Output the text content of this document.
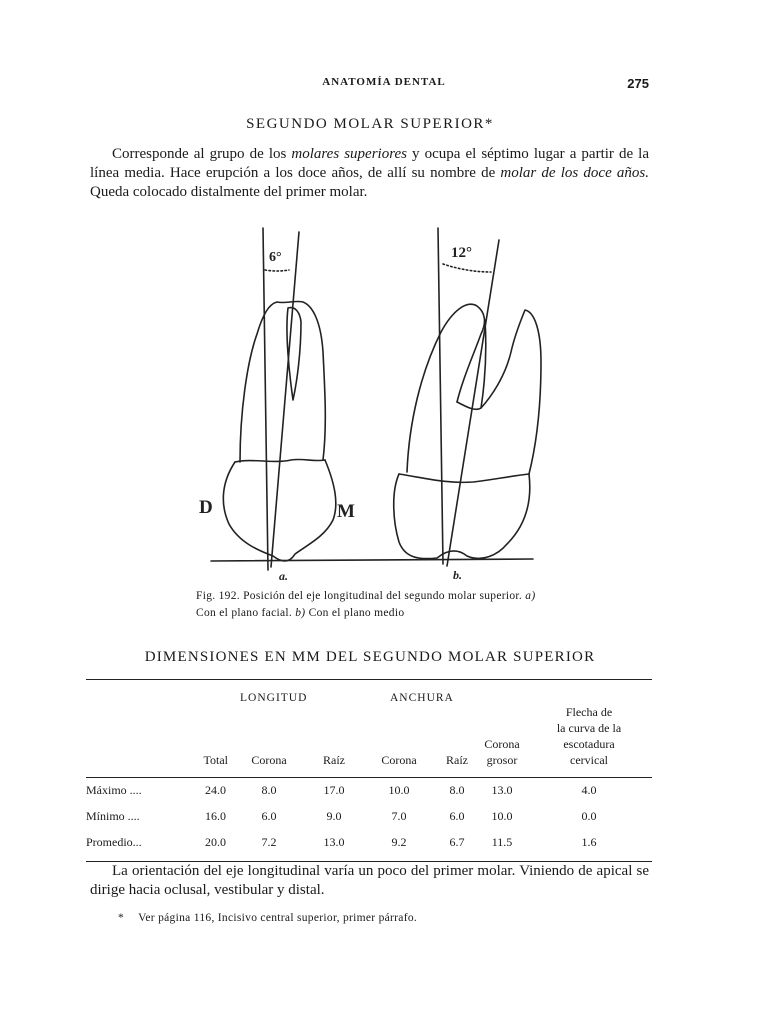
ANATOMÍA DENTAL	275
SEGUNDO MOLAR SUPERIOR*

Corresponde al grupo de los molares superiores y ocupa el séptimo lugar a partir de la línea media. Hace erupción a los doce años, de allí su nombre de molar de los doce años. Queda colocado distalmente del primer molar.

6°	12°
D	M
a.	b.
Fig. 192. Posición del eje longitudinal del segundo molar superior. a) Con el plano facial. b) Con el plano medio
DIMENSIONES EN MM DEL SEGUNDO MOLAR SUPERIOR
	LONGITUD			ANCHURA			
	Total	Corona	Raíz	Corona	Raíz	Corona
grosor	Flecha de
la curva de la
escotadura
cervical

Máximo ....	24.0	8.0	17.0	10.0	8.0	13.0	4.0
Mínimo ....	16.0	6.0	9.0	7.0	6.0	10.0	0.0
Promedio...	20.0	7.2	13.0	9.2	6.7	11.5	1.6

La orientación del eje longitudinal varía un poco del primer molar. Viniendo de apical se dirige hacia oclusal, vestibular y distal.

* Ver página 116, Incisivo central superior, primer párrafo.
